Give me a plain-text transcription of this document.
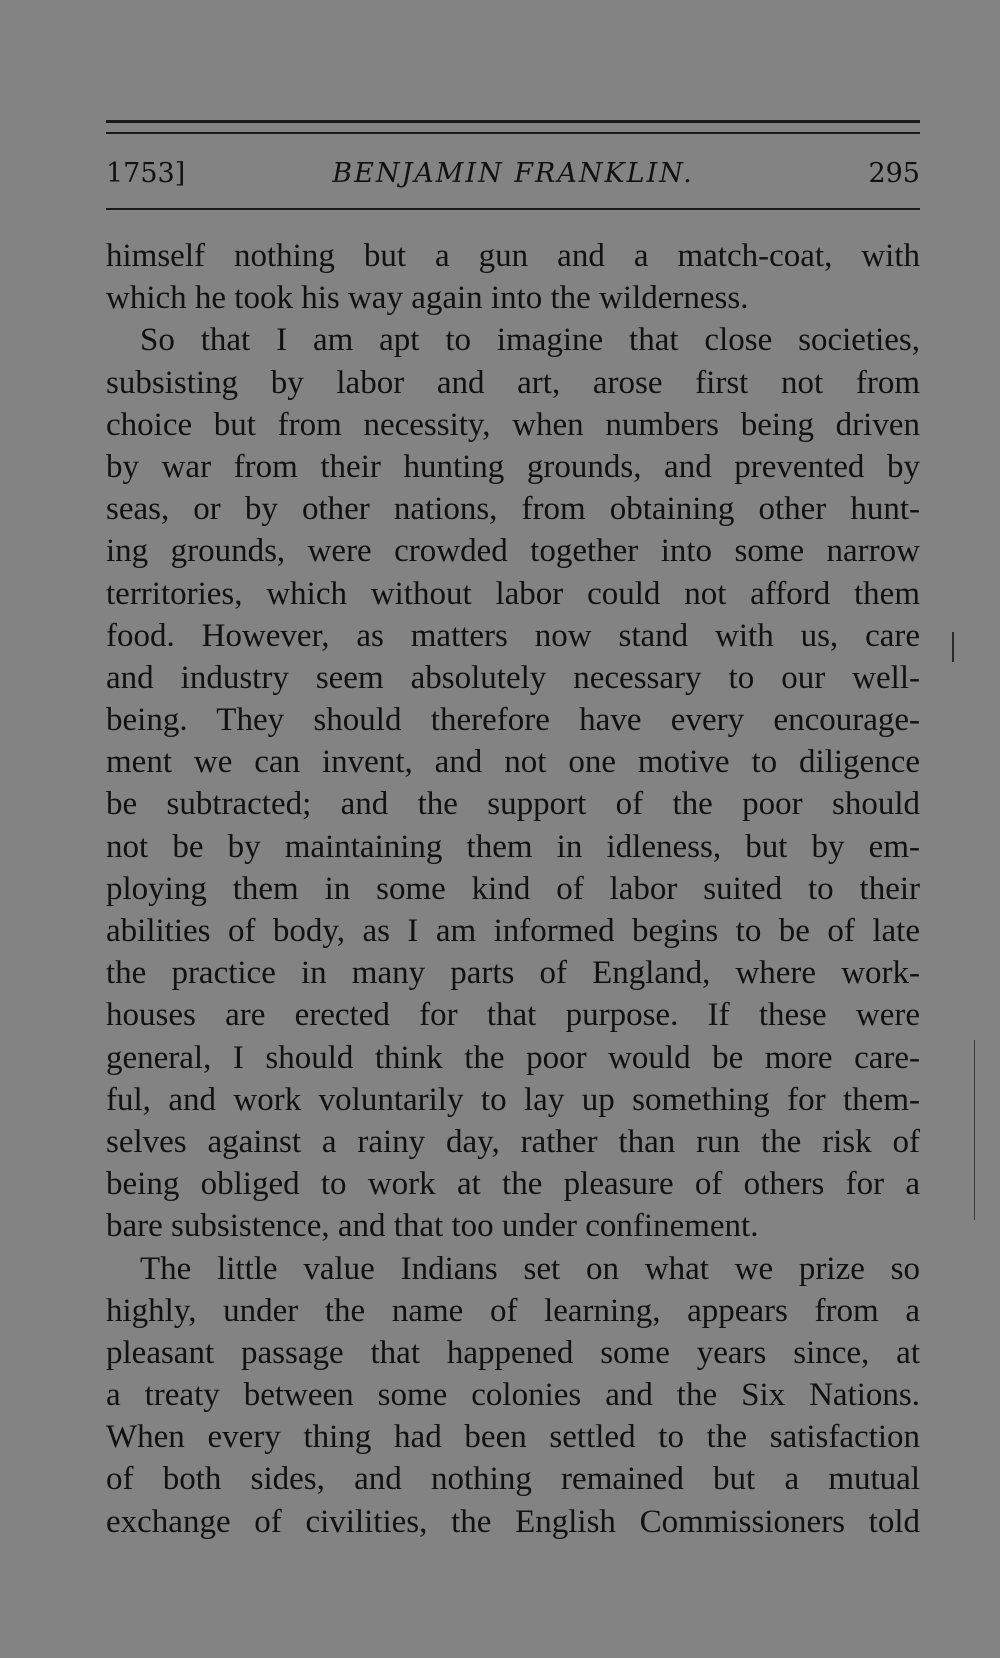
1753]	BENJAMIN FRANKLIN.	295
himself nothing but a gun and a match-coat, with
which he took his way again into the wilderness.
So that I am apt to imagine that close societies,
subsisting by labor and art, arose first not from
choice but from necessity, when numbers being driven
by war from their hunting grounds, and prevented by
seas, or by other nations, from obtaining other hunt-
ing grounds, were crowded together into some narrow
territories, which without labor could not afford them
food. However, as matters now stand with us, care
and industry seem absolutely necessary to our well-
being. They should therefore have every encourage-
ment we can invent, and not one motive to diligence
be subtracted; and the support of the poor should
not be by maintaining them in idleness, but by em-
ploying them in some kind of labor suited to their
abilities of body, as I am informed begins to be of late
the practice in many parts of England, where work-
houses are erected for that purpose. If these were
general, I should think the poor would be more care-
ful, and work voluntarily to lay up something for them-
selves against a rainy day, rather than run the risk of
being obliged to work at the pleasure of others for a
bare subsistence, and that too under confinement.
The little value Indians set on what we prize so
highly, under the name of learning, appears from a
pleasant passage that happened some years since, at
a treaty between some colonies and the Six Nations.
When every thing had been settled to the satisfaction
of both sides, and nothing remained but a mutual
exchange of civilities, the English Commissioners told
